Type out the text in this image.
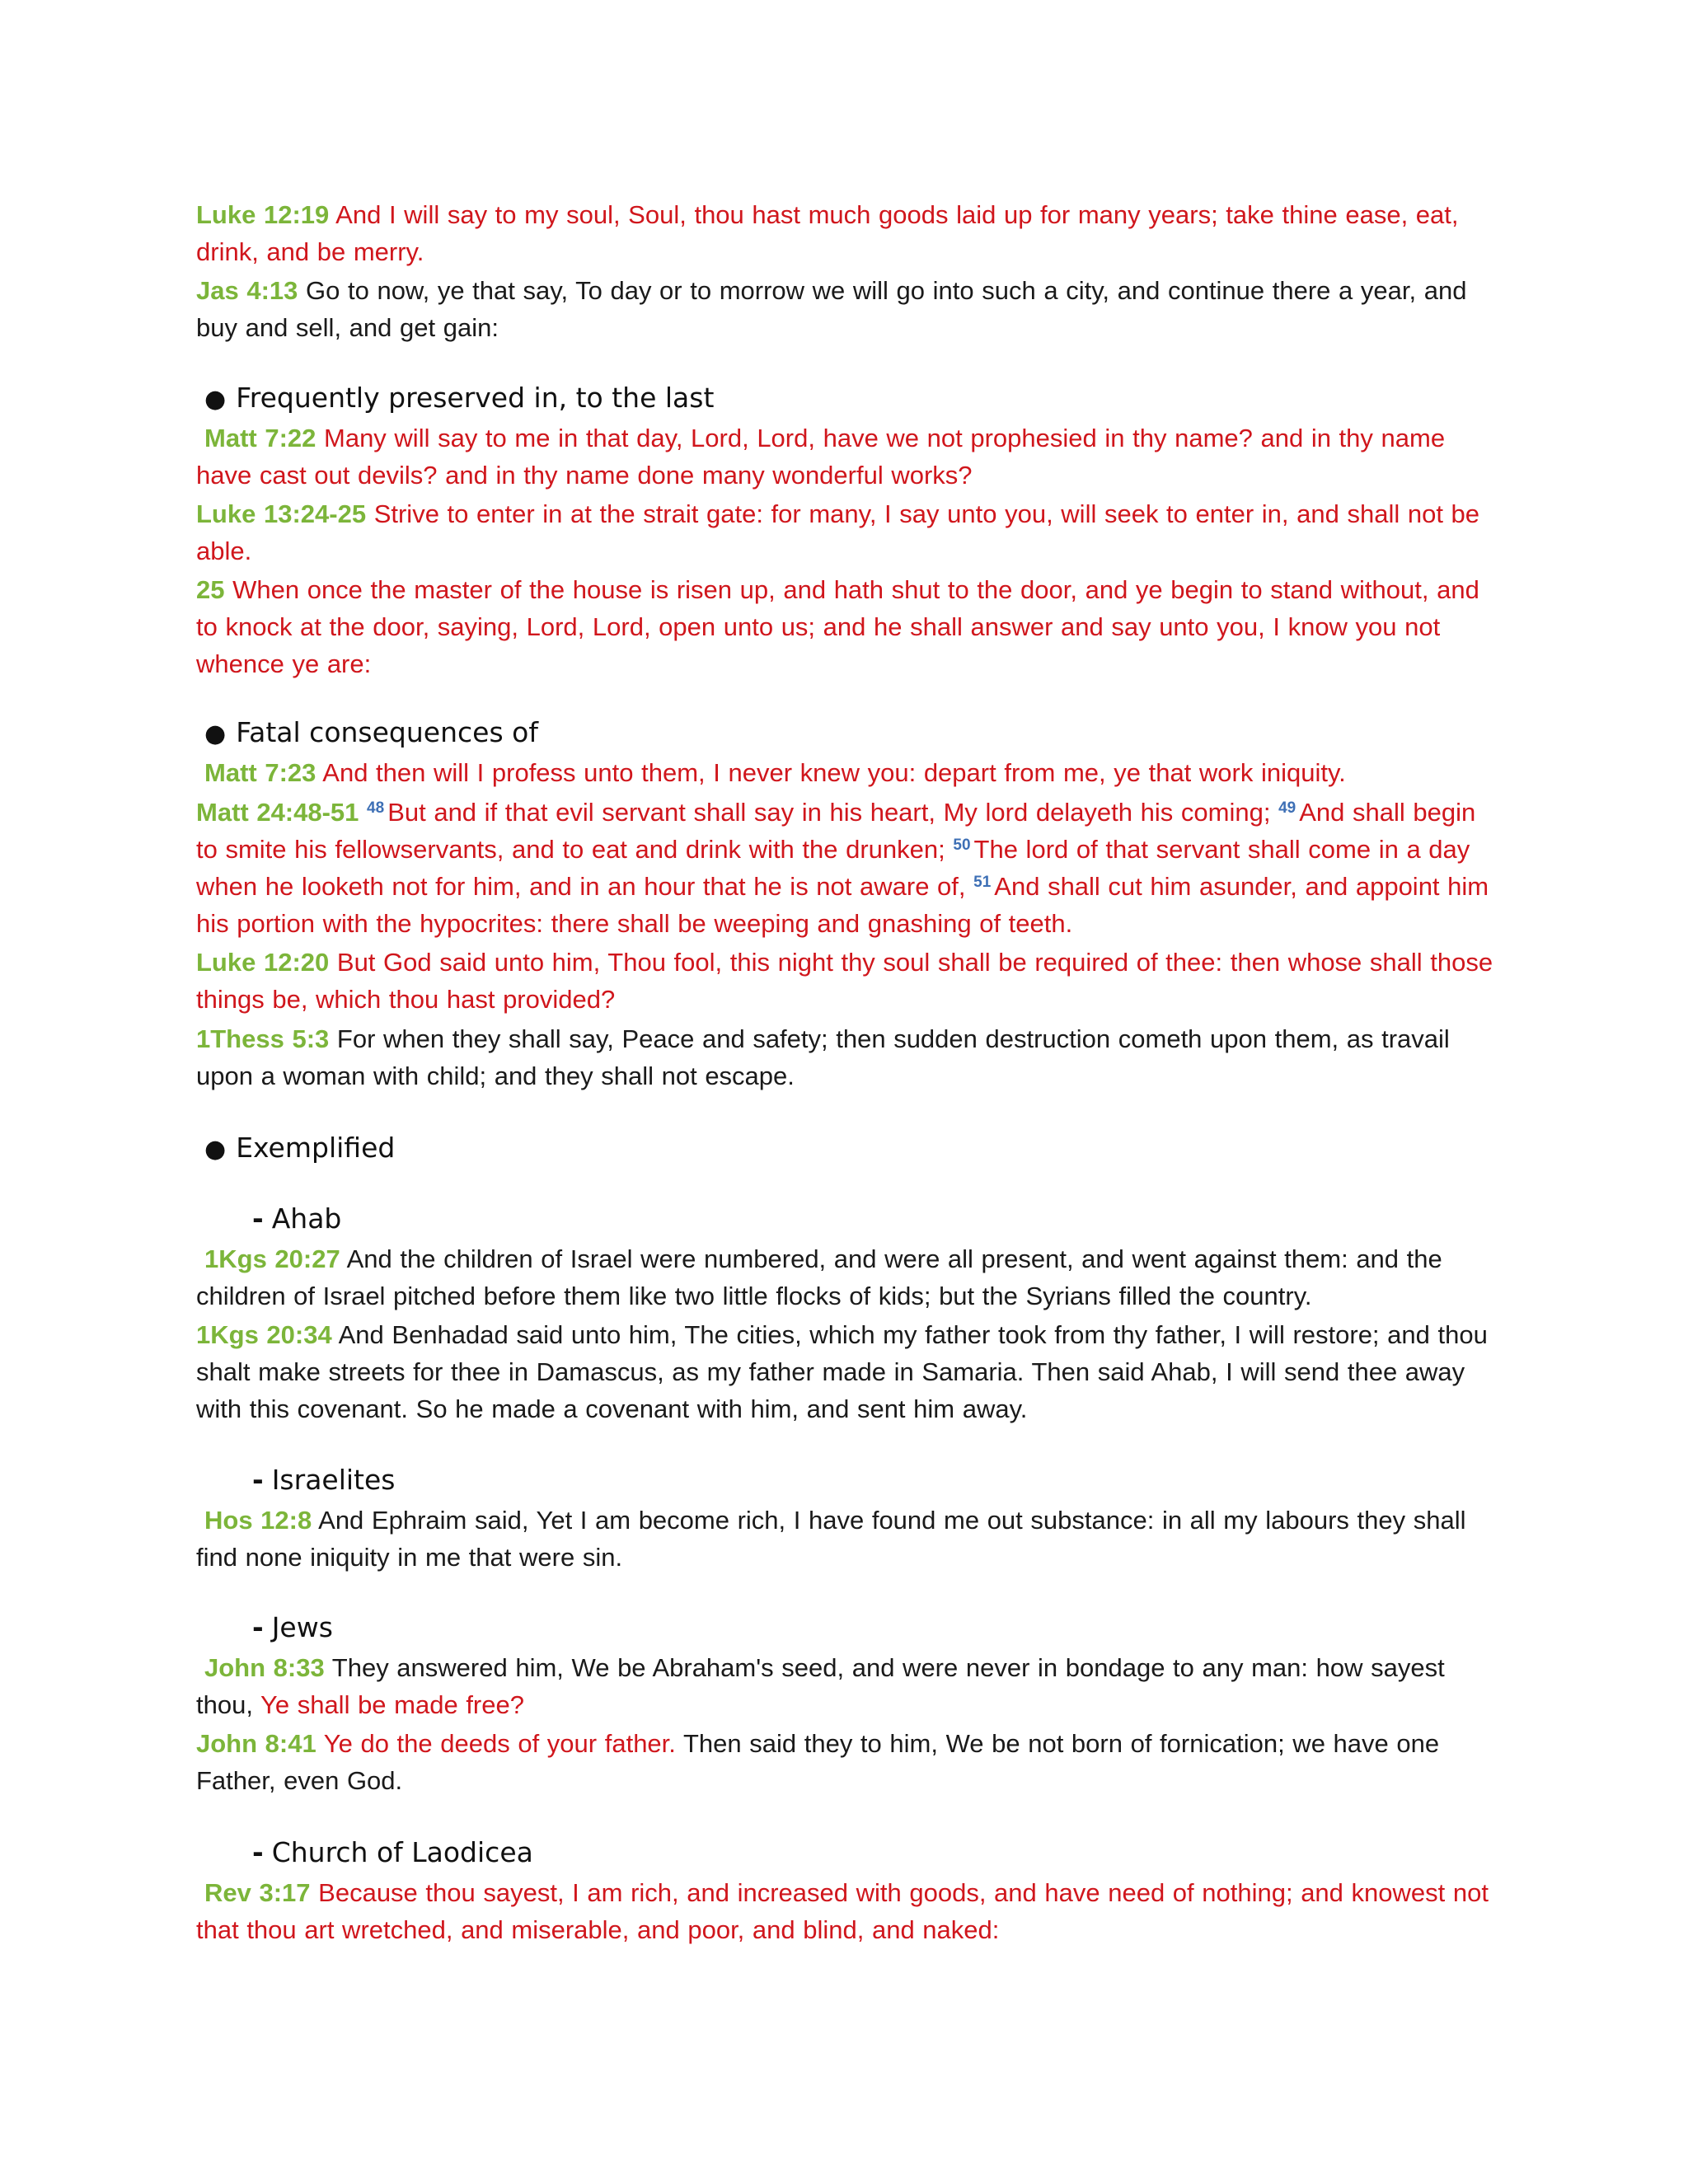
Luke 12:19 And I will say to my soul, Soul, thou hast much goods laid up for many years; take thine ease, eat, drink, and be merry.
Jas 4:13 Go to now, ye that say, To day or to morrow we will go into such a city, and continue there a year, and buy and sell, and get gain:
● Frequently preserved in, to the last
Matt 7:22 Many will say to me in that day, Lord, Lord, have we not prophesied in thy name? and in thy name have cast out devils? and in thy name done many wonderful works?
Luke 13:24-25 Strive to enter in at the strait gate: for many, I say unto you, will seek to enter in, and shall not be able.
25 When once the master of the house is risen up, and hath shut to the door, and ye begin to stand without, and to knock at the door, saying, Lord, Lord, open unto us; and he shall answer and say unto you, I know you not whence ye are:
● Fatal consequences of
Matt 7:23 And then will I profess unto them, I never knew you: depart from me, ye that work iniquity.
Matt 24:48-51 $^{48}$ But and if that evil servant shall say in his heart, My lord delayeth his coming; $^{49}$ And shall begin to smite his fellowservants, and to eat and drink with the drunken; $^{50}$ The lord of that servant shall come in a day when he looketh not for him, and in an hour that he is not aware of, $^{51}$ And shall cut him asunder, and appoint him his portion with the hypocrites: there shall be weeping and gnashing of teeth.
Luke 12:20 But God said unto him, Thou fool, this night thy soul shall be required of thee: then whose shall those things be, which thou hast provided?
1Thess 5:3 For when they shall say, Peace and safety; then sudden destruction cometh upon them, as travail upon a woman with child; and they shall not escape.
● Exemplified
- Ahab
1Kgs 20:27 And the children of Israel were numbered, and were all present, and went against them: and the children of Israel pitched before them like two little flocks of kids; but the Syrians filled the country.
1Kgs 20:34 And Benhadad said unto him, The cities, which my father took from thy father, I will restore; and thou shalt make streets for thee in Damascus, as my father made in Samaria. Then said Ahab, I will send thee away with this covenant. So he made a covenant with him, and sent him away.
- Israelites
Hos 12:8 And Ephraim said, Yet I am become rich, I have found me out substance: in all my labours they shall find none iniquity in me that were sin.
- Jews
John 8:33 They answered him, We be Abraham's seed, and were never in bondage to any man: how sayest thou, Ye shall be made free?
John 8:41 Ye do the deeds of your father. Then said they to him, We be not born of fornication; we have one Father, even God.
- Church of Laodicea
Rev 3:17 Because thou sayest, I am rich, and increased with goods, and have need of nothing; and knowest not that thou art wretched, and miserable, and poor, and blind, and naked:
